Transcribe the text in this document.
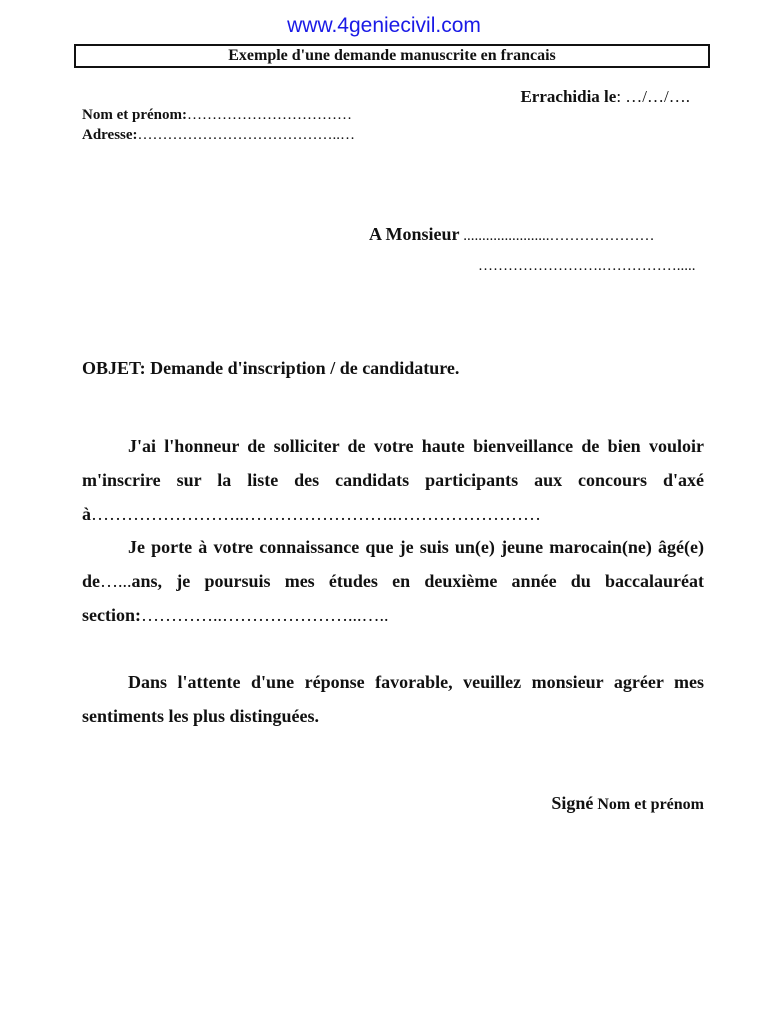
www.4geniecivil.com
Exemple d'une demande manuscrite en francais
Errachidia le: …/…/….
Nom et prénom:……………………………
Adresse:…………………………………..…
A Monsieur .......................…………………
…………………….…………….....
OBJET: Demande d'inscription / de candidature.

J'ai l'honneur de solliciter de votre haute bienveillance de bien vouloir m'inscrire sur la liste des candidats participants aux concours d'axé à……………………..……………………..……………………

Je porte à votre connaissance que je suis un(e) jeune marocain(ne) âgé(e) de…...ans, je poursuis mes études en deuxième année du baccalauréat section:…………..…………………...…..

Dans l'attente d'une réponse favorable, veuillez monsieur agréer mes sentiments les plus distinguées.

Signé Nom et prénom
